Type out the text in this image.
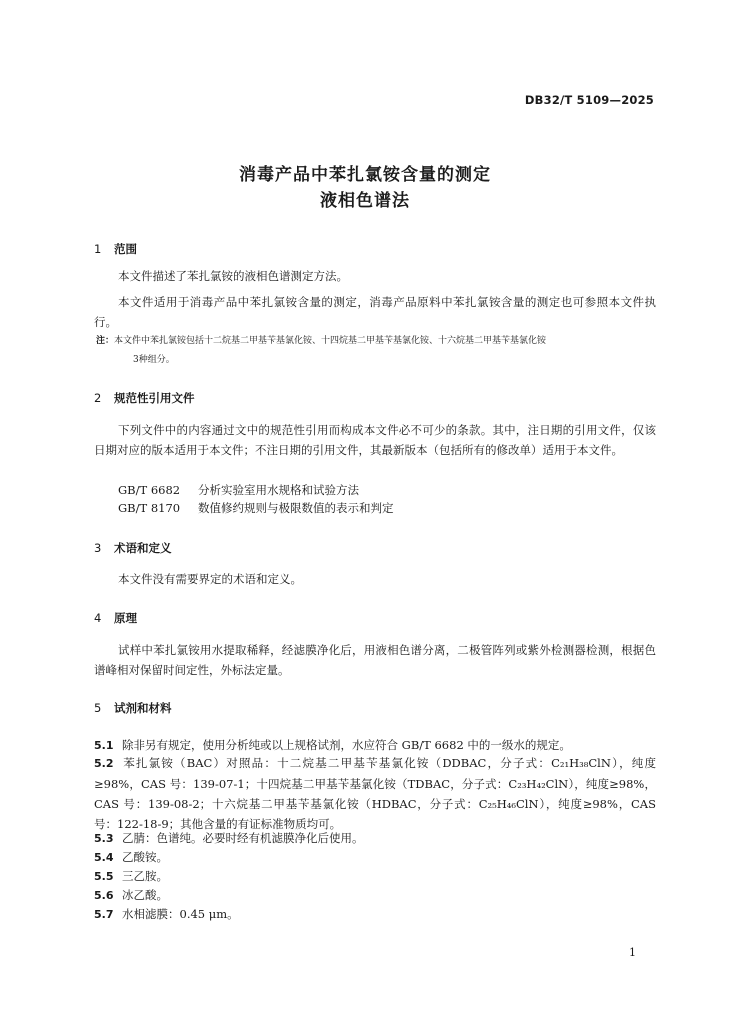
DB32/T 5109—2025
消毒产品中苯扎氯铵含量的测定
液相色谱法
1 范围
本文件描述了苯扎氯铵的液相色谱测定方法。
本文件适用于消毒产品中苯扎氯铵含量的测定，消毒产品原料中苯扎氯铵含量的测定也可参照本文件执行。
注：本文件中苯扎氯铵包括十二烷基二甲基苄基氯化铵、十四烷基二甲基苄基氯化铵、十六烷基二甲基苄基氯化铵
3种组分。
2 规范性引用文件
下列文件中的内容通过文中的规范性引用而构成本文件必不可少的条款。其中，注日期的引用文件，仅该日期对应的版本适用于本文件；不注日期的引用文件，其最新版本（包括所有的修改单）适用于本文件。
GB/T 6682 分析实验室用水规格和试验方法
GB/T 8170 数值修约规则与极限数值的表示和判定
3 术语和定义
本文件没有需要界定的术语和定义。
4 原理
试样中苯扎氯铵用水提取稀释，经滤膜净化后，用液相色谱分离，二极管阵列或紫外检测器检测，根据色谱峰相对保留时间定性，外标法定量。
5 试剂和材料
5.1 除非另有规定，使用分析纯或以上规格试剂，水应符合 GB/T 6682 中的一级水的规定。
5.2 苯扎氯铵（BAC）对照品：十二烷基二甲基苄基氯化铵（DDBAC，分子式：C₂₁H₃₈ClN），纯度≥98%，CAS 号：139-07-1；十四烷基二甲基苄基氯化铵（TDBAC，分子式：C₂₃H₄₂ClN），纯度≥98%，CAS 号：139-08-2；十六烷基二甲基苄基氯化铵（HDBAC，分子式：C₂₅H₄₆ClN），纯度≥98%，CAS 号：122-18-9；其他含量的有证标准物质均可。
5.3 乙腈：色谱纯。必要时经有机滤膜净化后使用。
5.4 乙酸铵。
5.5 三乙胺。
5.6 冰乙酸。
5.7 水相滤膜：0.45 μm。
1
